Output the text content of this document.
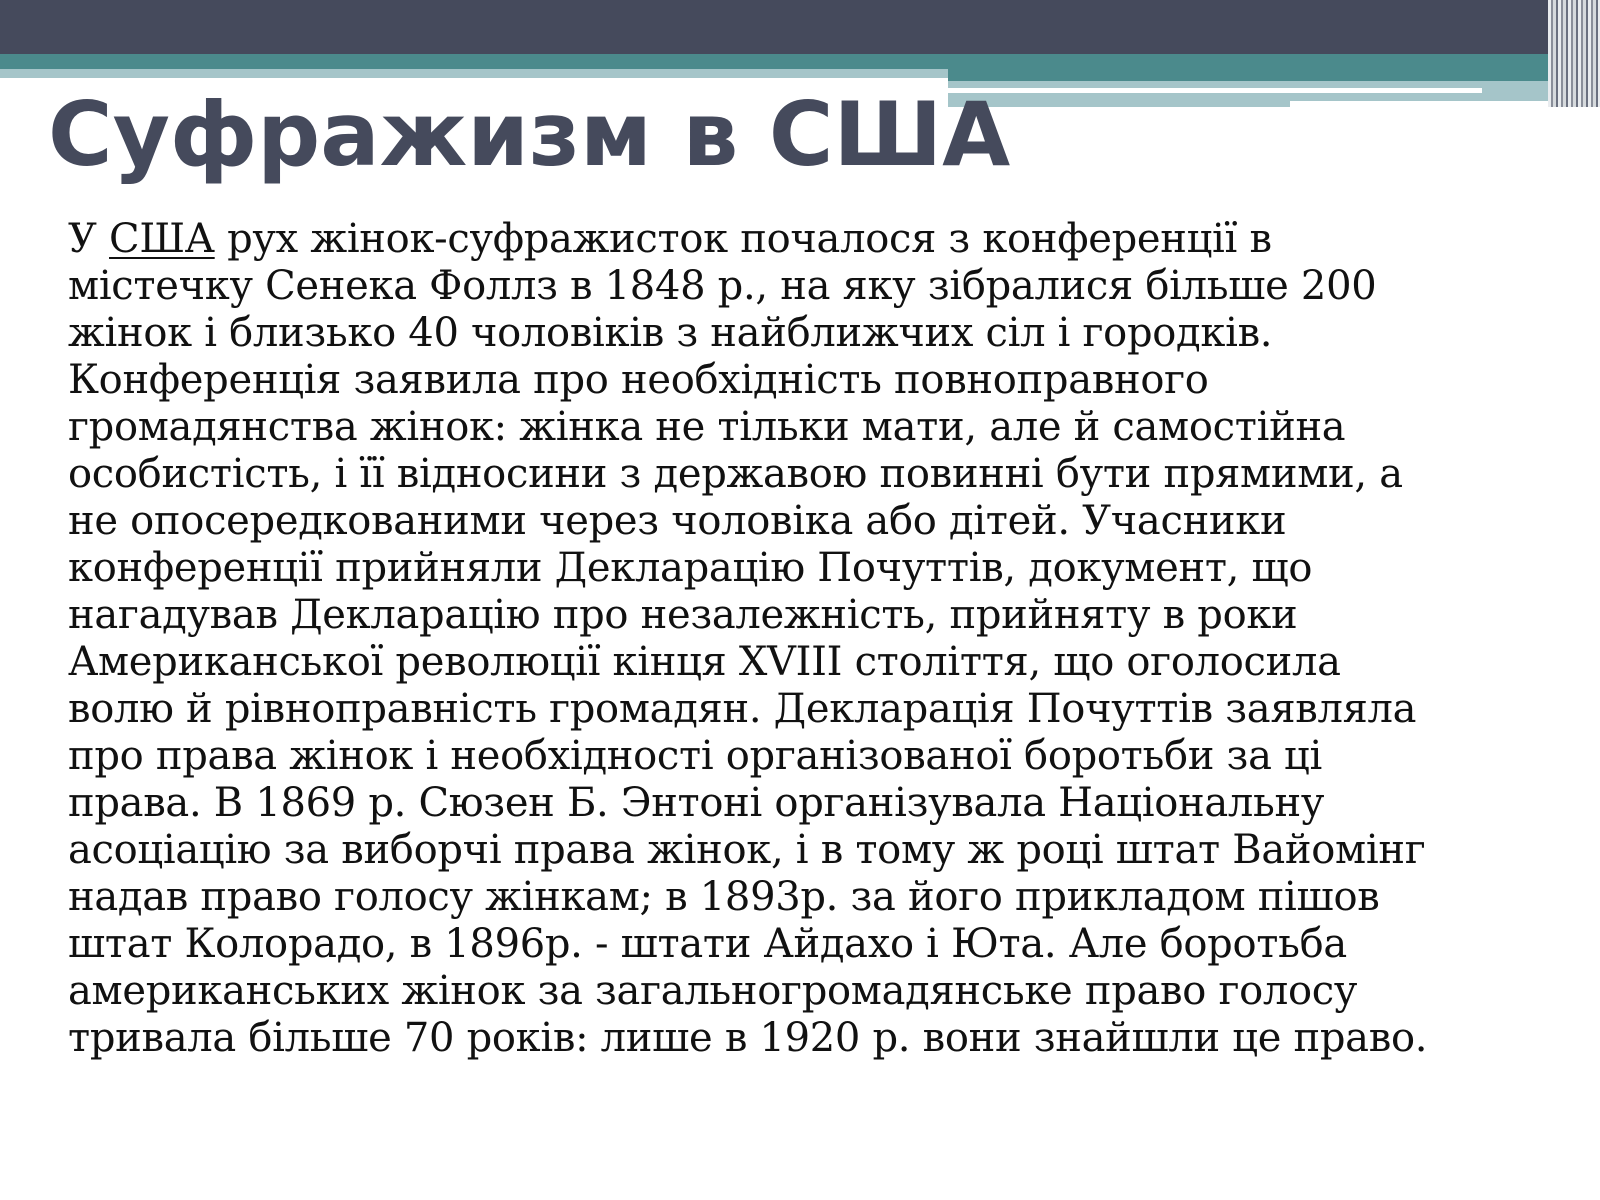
Суфражизм в США
У США рух жінок-суфражисток почалося з конференції в
містечку Сенека Фоллз в 1848 р., на яку зібралися більше 200
жінок і близько 40 чоловіків з найближчих сіл і городків.
Конференція заявила про необхідність повноправного
громадянства жінок: жінка не тільки мати, але й самостійна
особистість, і її відносини з державою повинні бути прямими, а
не опосередкованими через чоловіка або дітей. Учасники
конференції прийняли Декларацію Почуттів, документ, що
нагадував Декларацію про незалежність, прийняту в роки
Американської революції кінця XVIII століття, що оголосила
волю й рівноправність громадян. Декларація Почуттів заявляла
про права жінок і необхідності організованої боротьби за ці
права. В 1869 р. Сюзен Б. Энтоні організувала Національну
асоціацію за виборчі права жінок, і в тому ж році штат Вайомінг
надав право голосу жінкам; в 1893р. за його прикладом пішов
штат Колорадо, в 1896р. - штати Айдахо і Юта. Але боротьба
американських жінок за загальногромадянське право голосу
тривала більше 70 років: лише в 1920 р. вони знайшли це право.
